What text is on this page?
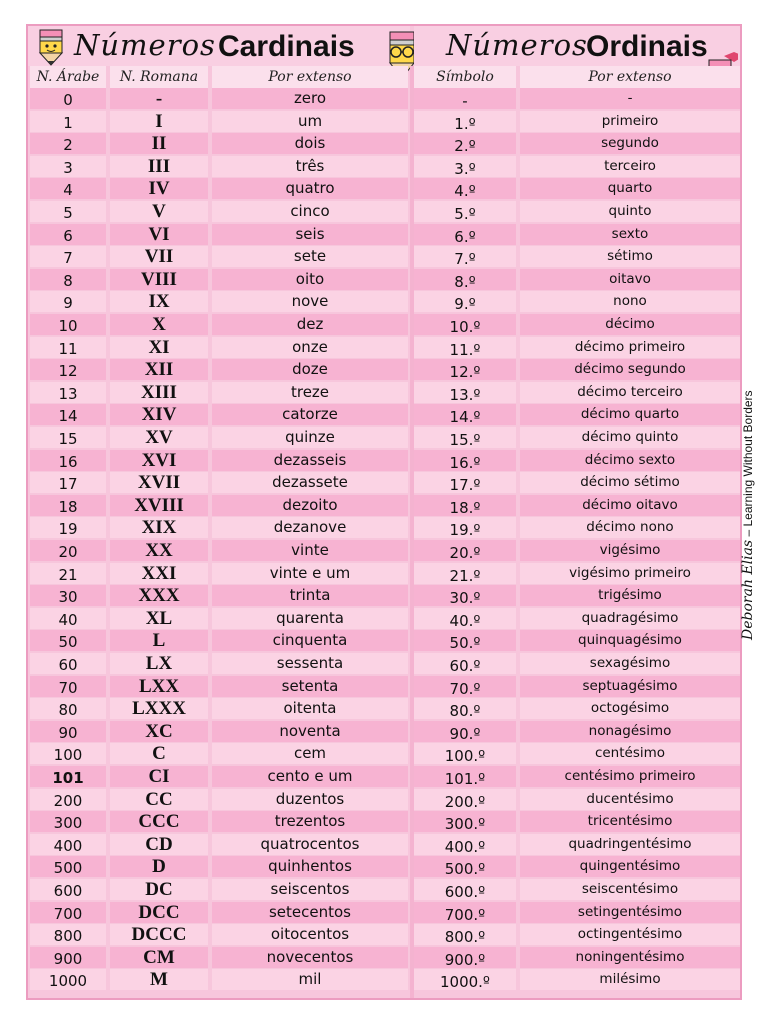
Números Cardinais	Números
Ordinais
N. Árabe	N. Romana	Por extenso	Símbolo	Por extenso
0	-	zero	-	-
1	I	um	1.º	primeiro
2	II	dois	2.º	segundo
3	III	três	3.º	terceiro
4	IV	quatro	4.º	quarto
5	V	cinco	5.º	quinto
6	VI	seis	6.º	sexto
7	VII	sete	7.º	sétimo
8	VIII	oito	8.º	oitavo
9	IX	nove	9.º	nono
10	X	dez	10.º	décimo
11	XI	onze	11.º	décimo primeiro
12	XII	doze	12.º	décimo segundo
13	XIII	treze	13.º	décimo terceiro
14	XIV	catorze	14.º	décimo quarto
15	XV	quinze	15.º	décimo quinto
16	XVI	dezasseis	16.º	décimo sexto
17	XVII	dezassete	17.º	décimo sétimo
18	XVIII	dezoito	18.º	décimo oitavo
19	XIX	dezanove	19.º	décimo nono
20	XX	vinte	20.º	vigésimo
21	XXI	vinte e um	21.º	vigésimo primeiro
30	XXX	trinta	30.º	trigésimo
40	XL	quarenta	40.º	quadragésimo
50	L	cinquenta	50.º	quinquagésimo
60	LX	sessenta	60.º	sexagésimo
70	LXX	setenta	70.º	septuagésimo
80	LXXX	oitenta	80.º	octogésimo
90	XC	noventa	90.º	nonagésimo
100	C	cem	100.º	centésimo
101	CI	cento e um	101.º	centésimo primeiro
200	CC	duzentos	200.º	ducentésimo
300	CCC	trezentos	300.º	tricentésimo
400	CD	quatrocentos	400.º	quadringentésimo
500	D	quinhentos	500.º	quingentésimo
600	DC	seiscentos	600.º	seiscentésimo
700	DCC	setecentos	700.º	setingentésimo
800	DCCC	oitocentos	800.º	octingentésimo
900	CM	novecentos	900.º	noningentésimo
1000	M	mil	1000.º	milésimo
Deborah Elias – Learning Without Borders
